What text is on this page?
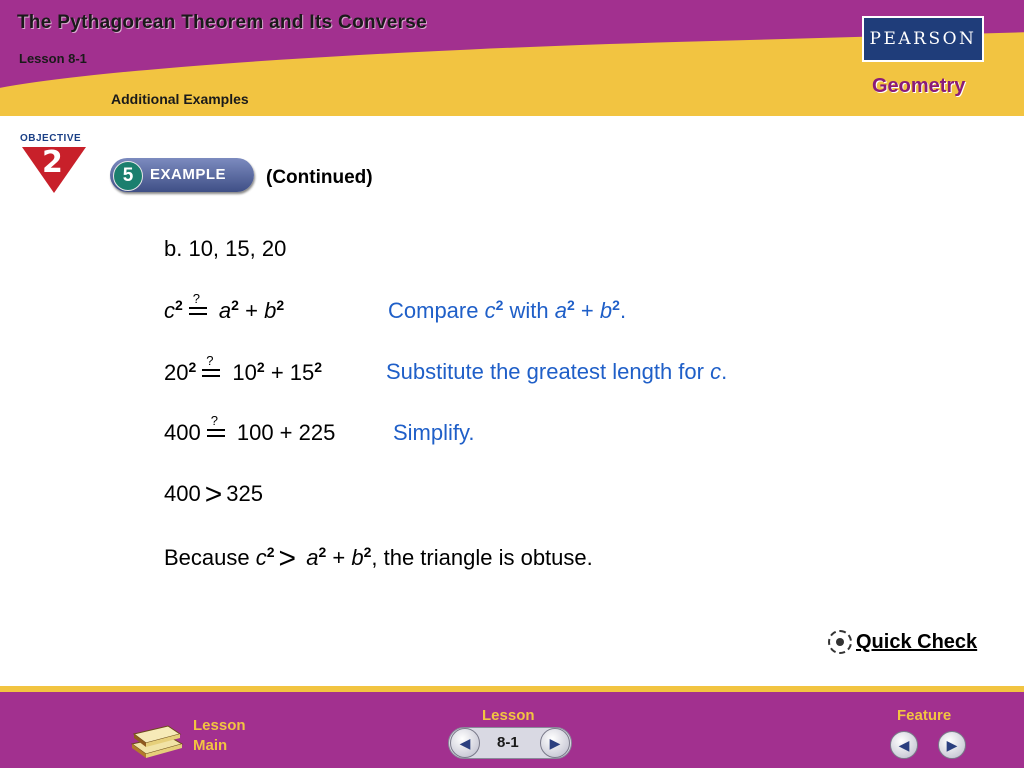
The Pythagorean Theorem and Its Converse
Lesson 8-1
Additional Examples
PEARSON
Geometry
OBJECTIVE
2	5	EXAMPLE (Continued)
b. 10, 15, 20
$c^2$ ? $a^2 + b^2$	Compare $c^2$ with $a^2 + b^2$.
$20^2$ ? $10^2 + 15^2$	Substitute the greatest length for c.
400 ? 100 + 225	Simplify.
400 > 325
Because $c^2 > a^2 + b^2$, the triangle is obtuse.
Quick Check
Lesson
Main
Lesson
◀ 8-1 ▶
Feature
◀	▶
